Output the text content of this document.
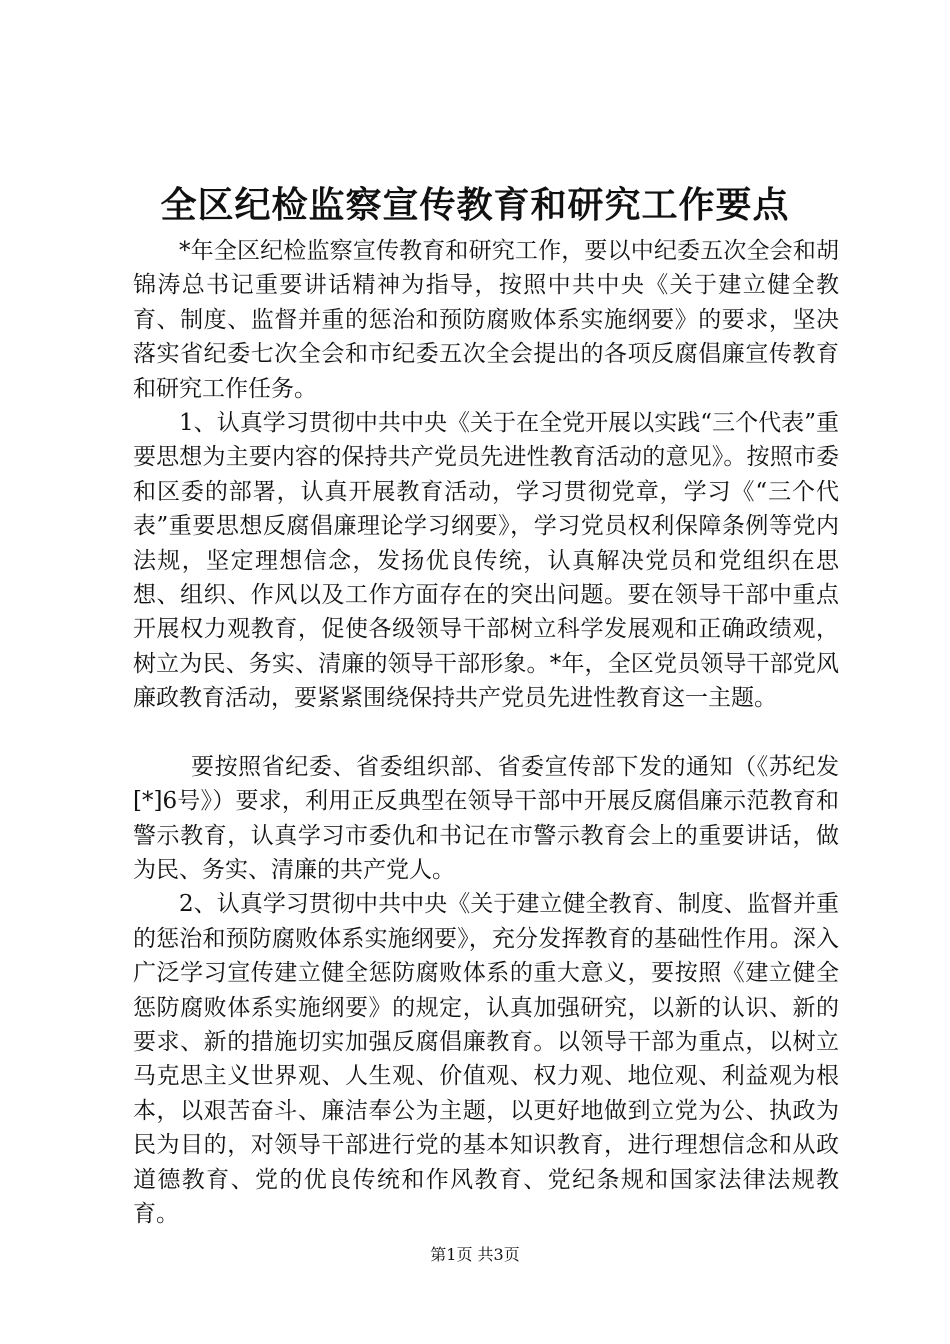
全区纪检监察宣传教育和研究工作要点

*年全区纪检监察宣传教育和研究工作，要以中纪委五次全会和胡锦涛总书记重要讲话精神为指导，按照中共中央《关于建立健全教育、制度、监督并重的惩治和预防腐败体系实施纲要》的要求，坚决落实省纪委七次全会和市纪委五次全会提出的各项反腐倡廉宣传教育和研究工作任务。

1、认真学习贯彻中共中央《关于在全党开展以实践“三个代表”重要思想为主要内容的保持共产党员先进性教育活动的意见》。按照市委和区委的部署，认真开展教育活动，学习贯彻党章，学习《“三个代表”重要思想反腐倡廉理论学习纲要》，学习党员权利保障条例等党内法规，坚定理想信念，发扬优良传统，认真解决党员和党组织在思想、组织、作风以及工作方面存在的突出问题。要在领导干部中重点开展权力观教育，促使各级领导干部树立科学发展观和正确政绩观，树立为民、务实、清廉的领导干部形象。*年，全区党员领导干部党风廉政教育活动，要紧紧围绕保持共产党员先进性教育这一主题。

要按照省纪委、省委组织部、省委宣传部下发的通知（《苏纪发[*]6号》）要求，利用正反典型在领导干部中开展反腐倡廉示范教育和警示教育，认真学习市委仇和书记在市警示教育会上的重要讲话，做为民、务实、清廉的共产党人。

2、认真学习贯彻中共中央《关于建立健全教育、制度、监督并重的惩治和预防腐败体系实施纲要》，充分发挥教育的基础性作用。深入广泛学习宣传建立健全惩防腐败体系的重大意义，要按照《建立健全惩防腐败体系实施纲要》的规定，认真加强研究，以新的认识、新的要求、新的措施切实加强反腐倡廉教育。以领导干部为重点，以树立马克思主义世界观、人生观、价值观、权力观、地位观、利益观为根本，以艰苦奋斗、廉洁奉公为主题，以更好地做到立党为公、执政为民为目的，对领导干部进行党的基本知识教育，进行理想信念和从政道德教育、党的优良传统和作风教育、党纪条规和国家法律法规教育。

第1页 共3页
